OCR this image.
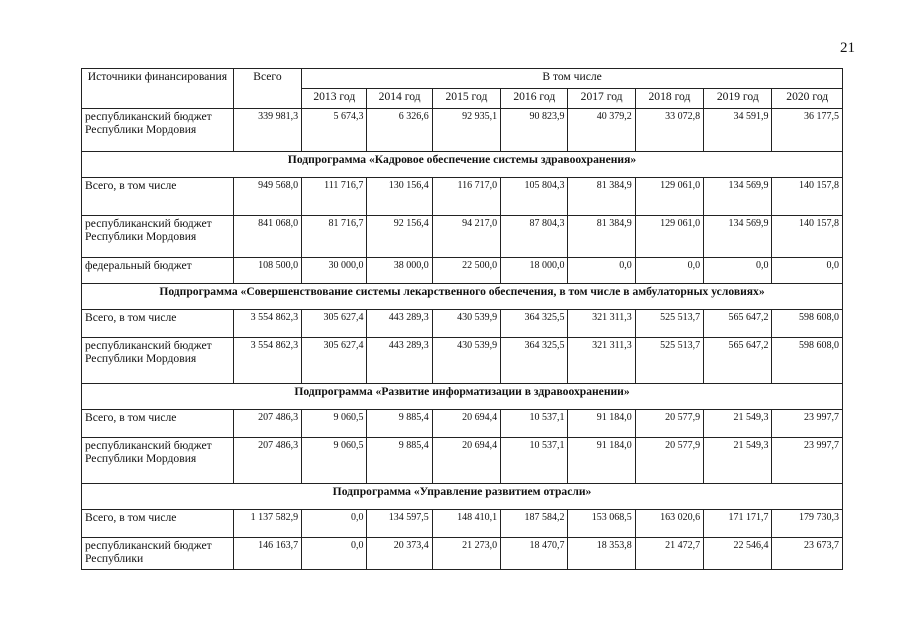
21
Источники финансирования	Всего	В том числе							
		2013 год	2014 год	2015 год	2016 год	2017 год	2018 год	2019 год	2020 год
республиканский бюджет Республики Мордовия	339 981,3	5 674,3	6 326,6	92 935,1	90 823,9	40 379,2	33 072,8	34 591,9	36 177,5
Подпрограмма «Кадровое обеспечение системы здравоохранения»									
Всего, в том числе	949 568,0	111 716,7	130 156,4	116 717,0	105 804,3	81 384,9	129 061,0	134 569,9	140 157,8
республиканский бюджет Республики Мордовия	841 068,0	81 716,7	92 156,4	94 217,0	87 804,3	81 384,9	129 061,0	134 569,9	140 157,8
федеральный бюджет	108 500,0	30 000,0	38 000,0	22 500,0	18 000,0	0,0	0,0	0,0	0,0
Подпрограмма «Совершенствование системы лекарственного обеспечения, в том числе в амбулаторных условиях»									
Всего, в том числе	3 554 862,3	305 627,4	443 289,3	430 539,9	364 325,5	321 311,3	525 513,7	565 647,2	598 608,0
республиканский бюджет Республики Мордовия	3 554 862,3	305 627,4	443 289,3	430 539,9	364 325,5	321 311,3	525 513,7	565 647,2	598 608,0
Подпрограмма «Развитие информатизации в здравоохранении»									
Всего, в том числе	207 486,3	9 060,5	9 885,4	20 694,4	10 537,1	91 184,0	20 577,9	21 549,3	23 997,7
республиканский бюджет Республики Мордовия	207 486,3	9 060,5	9 885,4	20 694,4	10 537,1	91 184,0	20 577,9	21 549,3	23 997,7
Подпрограмма «Управление развитием отрасли»									
Всего, в том числе	1 137 582,9	0,0	134 597,5	148 410,1	187 584,2	153 068,5	163 020,6	171 171,7	179 730,3
республиканский бюджет Республики	146 163,7	0,0	20 373,4	21 273,0	18 470,7	18 353,8	21 472,7	22 546,4	23 673,7
